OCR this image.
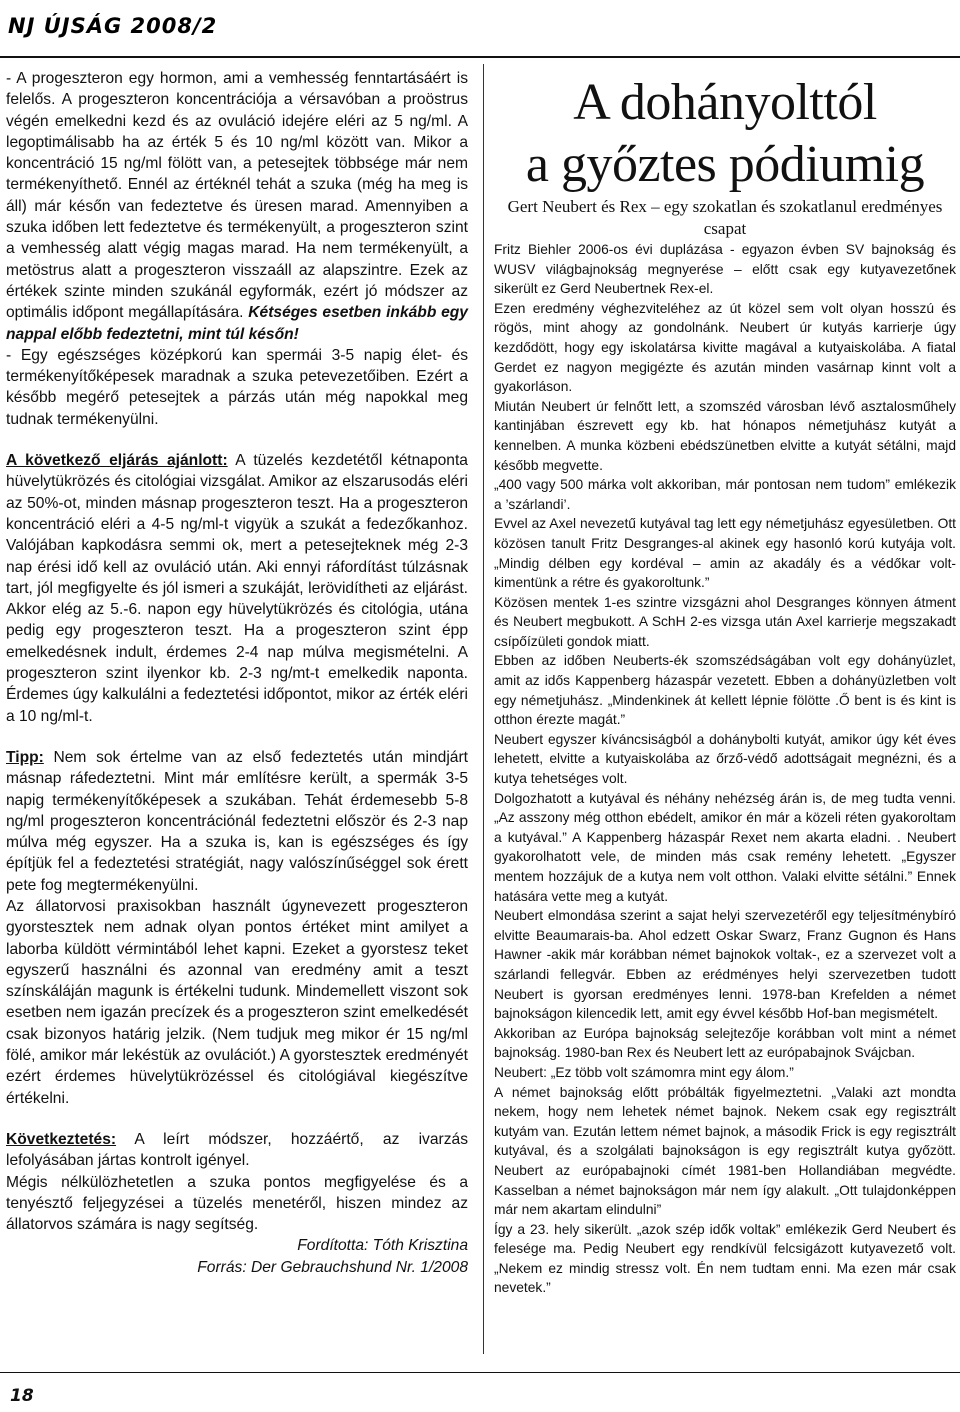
NJ ÚJSÁG 2008/2

- A progeszteron egy hormon, ami a vemhesség fenntartásáért is felelős. A progeszteron koncentrációja a vérsavóban a proöstrus végén emelkedni kezd és az ovuláció idejére eléri az 5 ng/ml. A legoptimálisabb ha az érték 5 és 10 ng/ml között van. Mikor a koncentráció 15 ng/ml fölött van, a petesejtek többsége már nem termékenyíthető. Ennél az értéknél tehát a szuka (még ha meg is áll) már későn van fedeztetve és üresen marad. Amennyiben a szuka időben lett fedeztetve és termékenyült, a progeszteron szint a vemhesség alatt végig magas marad. Ha nem termékenyült, a metöstrus alatt a progeszteron visszaáll az alapszintre. Ezek az értékek szinte minden szukánál egyformák, ezért jó módszer az optimális időpont megállapítására. Kétséges esetben inkább egy nappal előbb fedeztetni, mint túl későn!

- Egy egészséges középkorú kan spermái 3-5 napig élet- és termékenyítőképesek maradnak a szuka petevezetőiben. Ezért a később megérő petesejtek a párzás után még napokkal meg tudnak termékenyülni.

A következő eljárás ajánlott: A tüzelés kezdetétől kétnaponta hüvelytükrözés és citológiai vizsgálat. Amikor az elszarusodás eléri az 50%-ot, minden másnap progeszteron teszt. Ha a progeszteron koncentráció eléri a 4-5 ng/ml-t vigyük a szukát a fedezőkanhoz. Valójában kapkodásra semmi ok, mert a petesejteknek még 2-3 nap érési idő kell az ovuláció után. Aki ennyi ráfordítást túlzásnak tart, jól megfigyelte és jól ismeri a szukáját, lerövidítheti az eljárást. Akkor elég az 5.-6. napon egy hüvelytükrözés és citológia, utána pedig egy progeszteron teszt. Ha a progeszteron szint épp emelkedésnek indult, érdemes 2-4 nap múlva megismételni. A progeszteron szint ilyenkor kb. 2-3 ng/mt-t emelkedik naponta. Érdemes úgy kalkulálni a fedeztetési időpontot, mikor az érték eléri a 10 ng/ml-t.

Tipp: Nem sok értelme van az első fedeztetés után mindjárt másnap ráfedeztetni. Mint már említésre került, a spermák 3-5 napig termékenyítőképesek a szukában. Tehát érdemesebb 5-8 ng/ml progeszteron koncentrációnál fedeztetni először és 2-3 nap múlva még egyszer. Ha a szuka is, kan is egészséges és így építjük fel a fedeztetési stratégiát, nagy valószínűséggel sok érett pete fog megtermékenyülni.

Az állatorvosi praxisokban használt úgynevezett progeszteron gyorstesztek nem adnak olyan pontos értéket mint amilyet a laborba küldött vérmintából lehet kapni. Ezeket a gyorstesz teket egyszerű használni és azonnal van eredmény amit a teszt színskáláján magunk is értékelni tudunk. Mindemellett viszont sok esetben nem igazán precízek és a progeszteron szint emelkedését csak bizonyos határig jelzik. (Nem tudjuk meg mikor ér 15 ng/ml fölé, amikor már lekéstük az ovulációt.) A gyorstesztek eredményét ezért érdemes hüvelytükrözéssel és citológiával kiegészítve értékelni.

Következtetés: A leírt módszer, hozzáértő, az ivarzás lefolyásában jártas kontrolt igényel.

Mégis nélkülözhetetlen a szuka pontos megfigyelése és a tenyésztő feljegyzései a tüzelés menetéről, hiszen mindez az állatorvos számára is nagy segítség.

Fordította: Tóth Krisztina

Forrás: Der Gebrauchshund Nr. 1/2008

A dohányolttól
a győztes pódiumig

Gert Neubert és Rex – egy szokatlan és szokatlanul eredményes csapat

Fritz Biehler 2006-os évi duplázása - egyazon évben SV bajnokság és WUSV világbajnokság megnyerése – előtt csak egy kutyavezetőnek sikerült ez Gerd Neubertnek Rex-el.

Ezen eredmény véghezviteléhez az út közel sem volt olyan hosszú és rögös, mint ahogy az gondolnánk. Neubert úr kutyás karrierje úgy kezdődött, hogy egy iskolatársa kivitte magával a kutyaiskolába. A fiatal Gerdet ez nagyon megigézte és azután minden vasárnap kinnt volt a gyakorláson.

Miután Neubert úr felnőtt lett, a szomszéd városban lévő asztalosműhely kantinjában észrevett egy kb. hat hónapos németjuhász kutyát a kennelben. A munka közbeni ebédszünetben elvitte a kutyát sétálni, majd később megvette.

„400 vagy 500 márka volt akkoriban, már pontosan nem tudom” emlékezik a ’szárlandi’.

Evvel az Axel nevezetű kutyával tag lett egy németjuhász egyesületben. Ott közösen tanult Fritz Desgranges-al akinek egy hasonló korú kutyája volt. „Mindig délben egy kordéval – amin az akadály és a védőkar volt- kimentünk a rétre és gyakoroltunk.”

Közösen mentek 1-es szintre vizsgázni ahol Desgranges könnyen átment és Neubert megbukott. A SchH 2-es vizsga után Axel karrierje megszakadt csípőízületi gondok miatt.

Ebben az időben Neuberts-ék szomszédságában volt egy dohányüzlet, amit az idős Kappenberg házaspár vezetett. Ebben a dohányüzletben volt egy németjuhász. „Mindenkinek át kellett lépnie fölötte .Ő bent is és kint is otthon érezte magát.”

Neubert egyszer kíváncsiságból a dohánybolti kutyát, amikor úgy két éves lehetett, elvitte a kutyaiskolába az őrző-védő adottságait megnézni, és a kutya tehetséges volt.

Dolgozhatott a kutyával és néhány nehézség árán is, de meg tudta venni. „Az asszony még otthon ebédelt, amikor én már a közeli réten gyakoroltam a kutyával.” A Kappenberg házaspár Rexet nem akarta eladni. . Neubert gyakorolhatott vele, de minden más csak remény lehetett. „Egyszer mentem hozzájuk de a kutya nem volt otthon. Valaki elvitte sétálni.” Ennek hatására vette meg a kutyát.

Neubert elmondása szerint a sajat helyi szervezetéről egy teljesítménybíró elvitte Beaumarais-ba. Ahol edzett Oskar Swarz, Franz Gugnon és Hans Hawner -akik már korábban német bajnokok voltak-, ez a szervezet volt a szárlandi fellegvár. Ebben az erédményes helyi szervezetben tudott Neubert is gyorsan eredményes lenni. 1978-ban Krefelden a német bajnokságon kilencedik lett, amit egy évvel később Hof-ban megismételt.

Akkoriban az Európa bajnokság selejtezője korábban volt mint a német bajnokság. 1980-ban Rex és Neubert lett az európabajnok Svájcban.

Neubert: „Ez több volt számomra mint egy álom.”

A német bajnokság előtt próbálták figyelmeztetni. „Valaki azt mondta nekem, hogy nem lehetek német bajnok. Nekem csak egy regisztrált kutyám van. Ezután lettem német bajnok, a második Frick is egy regisztrált kutyával, és a szolgálati bajnokságon is egy regisztrált kutya győzött. Neubert az európabajnoki címét 1981-ben Hollandiában megvédte. Kasselban a német bajnokságon már nem így alakult. „Ott tulajdonképpen már nem akartam elindulni”

Így a 23. hely sikerült. „azok szép idők voltak” emlékezik Gerd Neubert és felesége ma. Pedig Neubert egy rendkívül felcsigázott kutyavezető volt. „Nekem ez mindig stressz volt. Én nem tudtam enni. Ma ezen már csak nevetek.”

18
